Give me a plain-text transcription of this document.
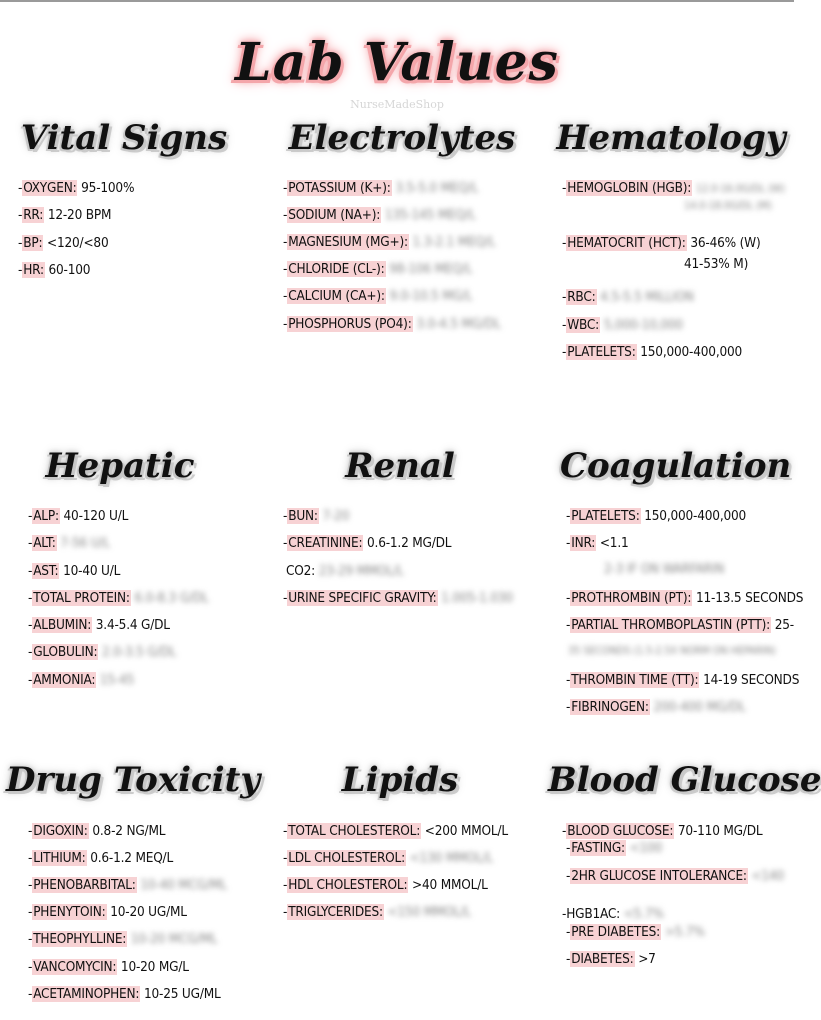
Lab Values
NurseMadeShop
Vital Signs Electrolytes Hematology
Hepatic	Renal	Coagulation
Drug Toxicity	Lipids	Blood Glucose
-OXYGEN: 95-100%
-RR: 12-20 BPM
-BP: <120/<80
-HR: 60-100
-POTASSIUM (K+): 3.5-5.0 MEQ/L
-SODIUM (NA+): 135-145 MEQ/L
-MAGNESIUM (MG+): 1.3-2.1 MEQ/L
-CHLORIDE (CL-): 98-106 MEQ/L
-CALCIUM (CA+): 9.0-10.5 MG/L
-PHOSPHORUS (PO4): 3.0-4.5 MG/DL
-HEMOGLOBIN (HGB): 12.0-16.0G/DL (W)
14.0-18.0G/DL (M)
-HEMATOCRIT (HCT): 36-46% (W)
41-53% M)
-RBC: 4.5-5.5 MILLION
-WBC: 5,000-10,000
-PLATELETS: 150,000-400,000
-ALP: 40-120 U/L
-ALT: 7-56 U/L
-AST: 10-40 U/L
-TOTAL PROTEIN: 6.0-8.3 G/DL
-ALBUMIN: 3.4-5.4 G/DL
-GLOBULIN: 2.0-3.5 G/DL
-AMMONIA: 15-45
-BUN: 7-20
-CREATININE: 0.6-1.2 MG/DL
CO2: 23-29 MMOL/L
-URINE SPECIFIC GRAVITY: 1.005-1.030
-PLATELETS: 150,000-400,000
-INR: <1.1
2-3 IF ON WARFARIN
-PROTHROMBIN (PT): 11-13.5 SECONDS
-PARTIAL THROMBOPLASTIN (PTT): 25-
35 SECONDS (1.5-2.5X NORM ON HEPARIN)
-THROMBIN TIME (TT): 14-19 SECONDS
-FIBRINOGEN: 200-400 MG/DL
-DIGOXIN: 0.8-2 NG/ML
-LITHIUM: 0.6-1.2 MEQ/L
-PHENOBARBITAL: 10-40 MCG/ML
-PHENYTOIN: 10-20 UG/ML
-THEOPHYLLINE: 10-20 MCG/ML
-VANCOMYCIN: 10-20 MG/L
-ACETAMINOPHEN: 10-25 UG/ML
-TOTAL CHOLESTEROL: <200 MMOL/L
-LDL CHOLESTEROL: <130 MMOL/L
-HDL CHOLESTEROL: >40 MMOL/L
-TRIGLYCERIDES: <150 MMOL/L
-BLOOD GLUCOSE: 70-110 MG/DL
-FASTING: <100
-2HR GLUCOSE INTOLERANCE: <140
-HGB1AC: <5.7%
-PRE DIABETES: >5.7%
-DIABETES: >7
